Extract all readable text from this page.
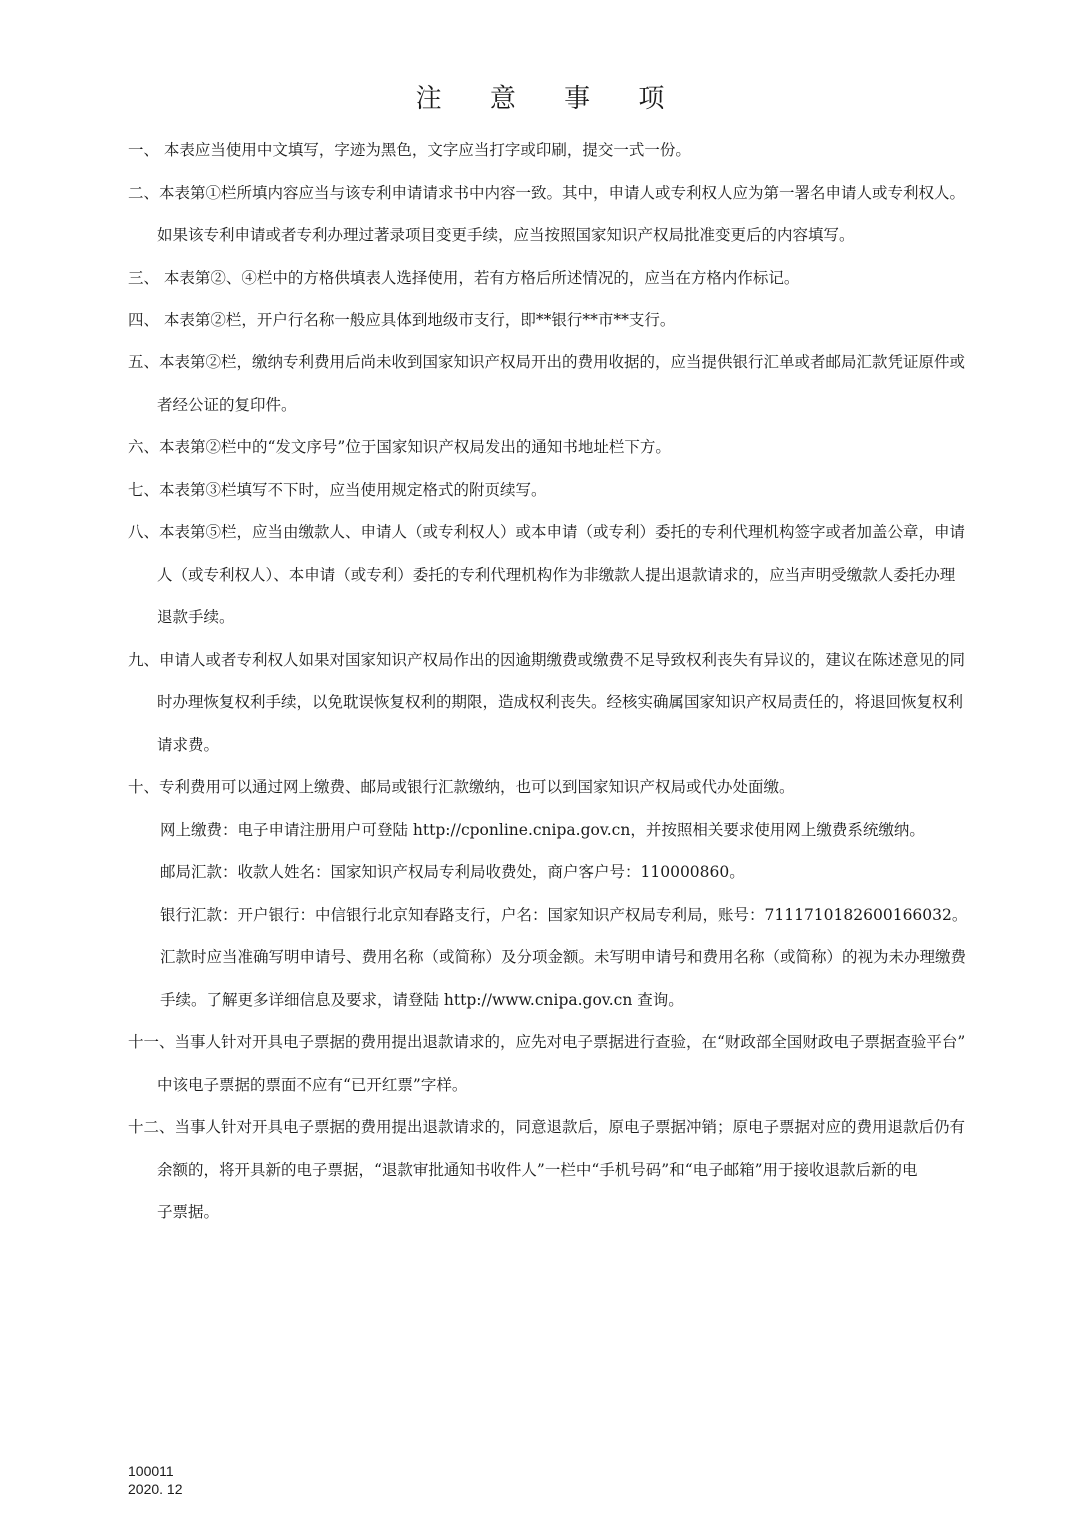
注 意 事 项
一、 本表应当使用中文填写，字迹为黑色，文字应当打字或印刷，提交一式一份。
二、本表第①栏所填内容应当与该专利申请请求书中内容一致。其中，申请人或专利权人应为第一署名申请人或专利权人。
如果该专利申请或者专利办理过著录项目变更手续，应当按照国家知识产权局批准变更后的内容填写。
三、 本表第②、④栏中的方格供填表人选择使用，若有方格后所述情况的，应当在方格内作标记。
四、 本表第②栏，开户行名称一般应具体到地级市支行，即**银行**市**支行。
五、本表第②栏，缴纳专利费用后尚未收到国家知识产权局开出的费用收据的，应当提供银行汇单或者邮局汇款凭证原件或
者经公证的复印件。
六、本表第②栏中的“发文序号”位于国家知识产权局发出的通知书地址栏下方。
七、本表第③栏填写不下时，应当使用规定格式的附页续写。
八、本表第⑤栏，应当由缴款人、申请人（或专利权人）或本申请（或专利）委托的专利代理机构签字或者加盖公章，申请
人（或专利权人）、本申请（或专利）委托的专利代理机构作为非缴款人提出退款请求的，应当声明受缴款人委托办理
退款手续。
九、申请人或者专利权人如果对国家知识产权局作出的因逾期缴费或缴费不足导致权利丧失有异议的，建议在陈述意见的同
时办理恢复权利手续，以免耽误恢复权利的期限，造成权利丧失。经核实确属国家知识产权局责任的，将退回恢复权利
请求费。
十、专利费用可以通过网上缴费、邮局或银行汇款缴纳，也可以到国家知识产权局或代办处面缴。
网上缴费：电子申请注册用户可登陆 http://cponline.cnipa.gov.cn，并按照相关要求使用网上缴费系统缴纳。
邮局汇款：收款人姓名：国家知识产权局专利局收费处，商户客户号：110000860。
银行汇款：开户银行：中信银行北京知春路支行，户名：国家知识产权局专利局，账号：7111710182600166032。
汇款时应当准确写明申请号、费用名称（或简称）及分项金额。未写明申请号和费用名称（或简称）的视为未办理缴费
手续。了解更多详细信息及要求，请登陆 http://www.cnipa.gov.cn 查询。
十一、当事人针对开具电子票据的费用提出退款请求的，应先对电子票据进行查验，在“财政部全国财政电子票据查验平台”
中该电子票据的票面不应有“已开红票”字样。
十二、当事人针对开具电子票据的费用提出退款请求的，同意退款后，原电子票据冲销；原电子票据对应的费用退款后仍有
余额的，将开具新的电子票据，“退款审批通知书收件人”一栏中“手机号码”和“电子邮箱”用于接收退款后新的电
子票据。
100011
2020. 12
